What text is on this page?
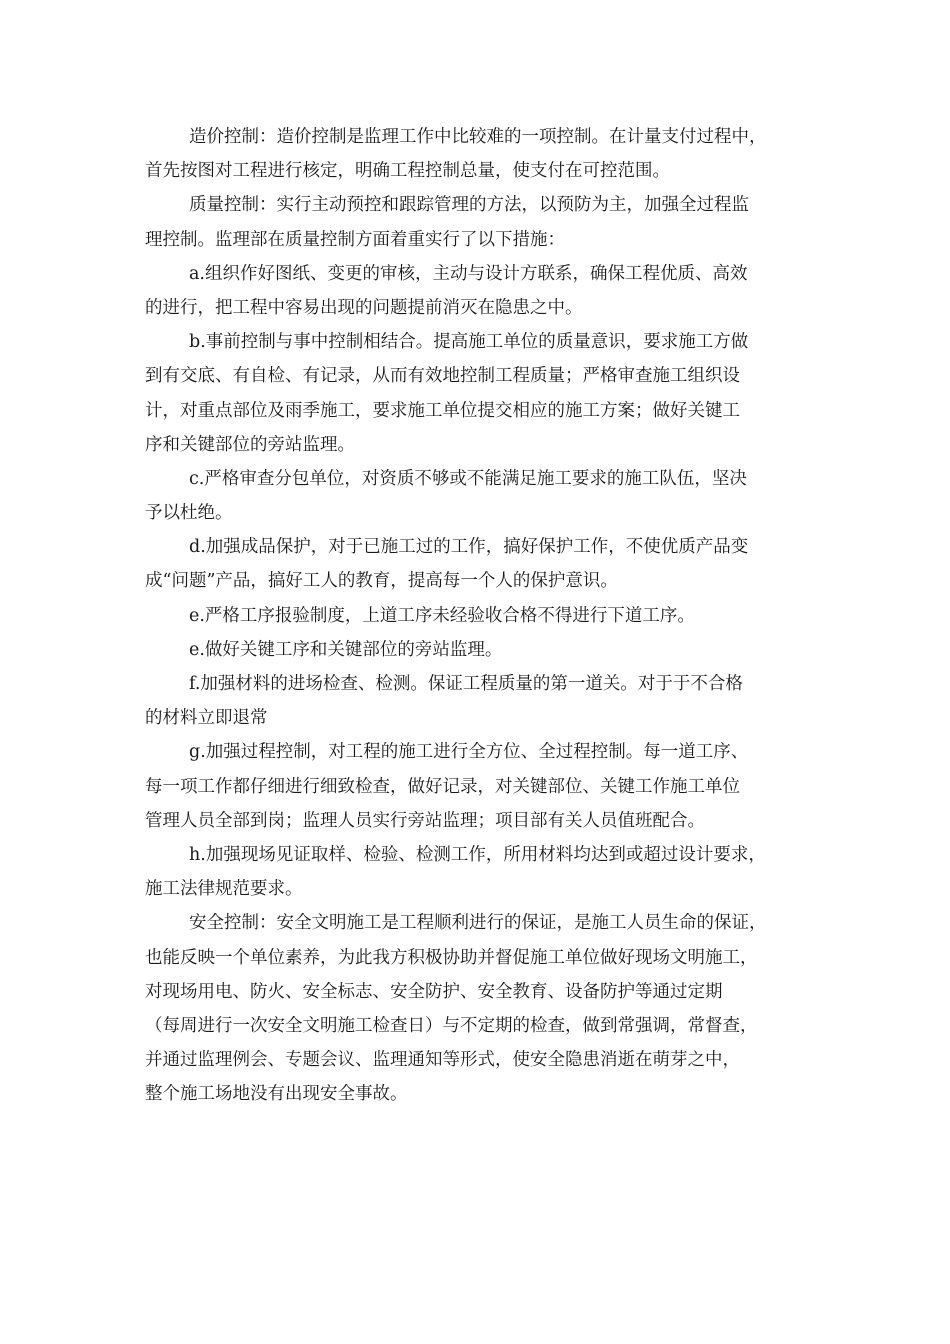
造价控制：造价控制是监理工作中比较难的一项控制。在计量支付过程中，

首先按图对工程进行核定，明确工程控制总量，使支付在可控范围。

质量控制：实行主动预控和跟踪管理的方法，以预防为主，加强全过程监

理控制。监理部在质量控制方面着重实行了以下措施：

a.组织作好图纸、变更的审核，主动与设计方联系，确保工程优质、高效

的进行，把工程中容易出现的问题提前消灭在隐患之中。

b.事前控制与事中控制相结合。提高施工单位的质量意识，要求施工方做

到有交底、有自检、有记录，从而有效地控制工程质量；严格审查施工组织设

计，对重点部位及雨季施工，要求施工单位提交相应的施工方案；做好关键工

序和关键部位的旁站监理。

c.严格审查分包单位，对资质不够或不能满足施工要求的施工队伍，坚决

予以杜绝。

d.加强成品保护，对于已施工过的工作，搞好保护工作，不使优质产品变

成“问题”产品，搞好工人的教育，提高每一个人的保护意识。

e.严格工序报验制度，上道工序未经验收合格不得进行下道工序。

e.做好关键工序和关键部位的旁站监理。

f.加强材料的进场检查、检测。保证工程质量的第一道关。对于于不合格

的材料立即退常

g.加强过程控制，对工程的施工进行全方位、全过程控制。每一道工序、

每一项工作都仔细进行细致检查，做好记录，对关键部位、关键工作施工单位

管理人员全部到岗；监理人员实行旁站监理；项目部有关人员值班配合。

h.加强现场见证取样、检验、检测工作，所用材料均达到或超过设计要求，

施工法律规范要求。

安全控制：安全文明施工是工程顺利进行的保证，是施工人员生命的保证，

也能反映一个单位素养，为此我方积极协助并督促施工单位做好现场文明施工，

对现场用电、防火、安全标志、安全防护、安全教育、设备防护等通过定期

（每周进行一次安全文明施工检查日）与不定期的检查，做到常强调，常督查，

并通过监理例会、专题会议、监理通知等形式，使安全隐患消逝在萌芽之中，

整个施工场地没有出现安全事故。
